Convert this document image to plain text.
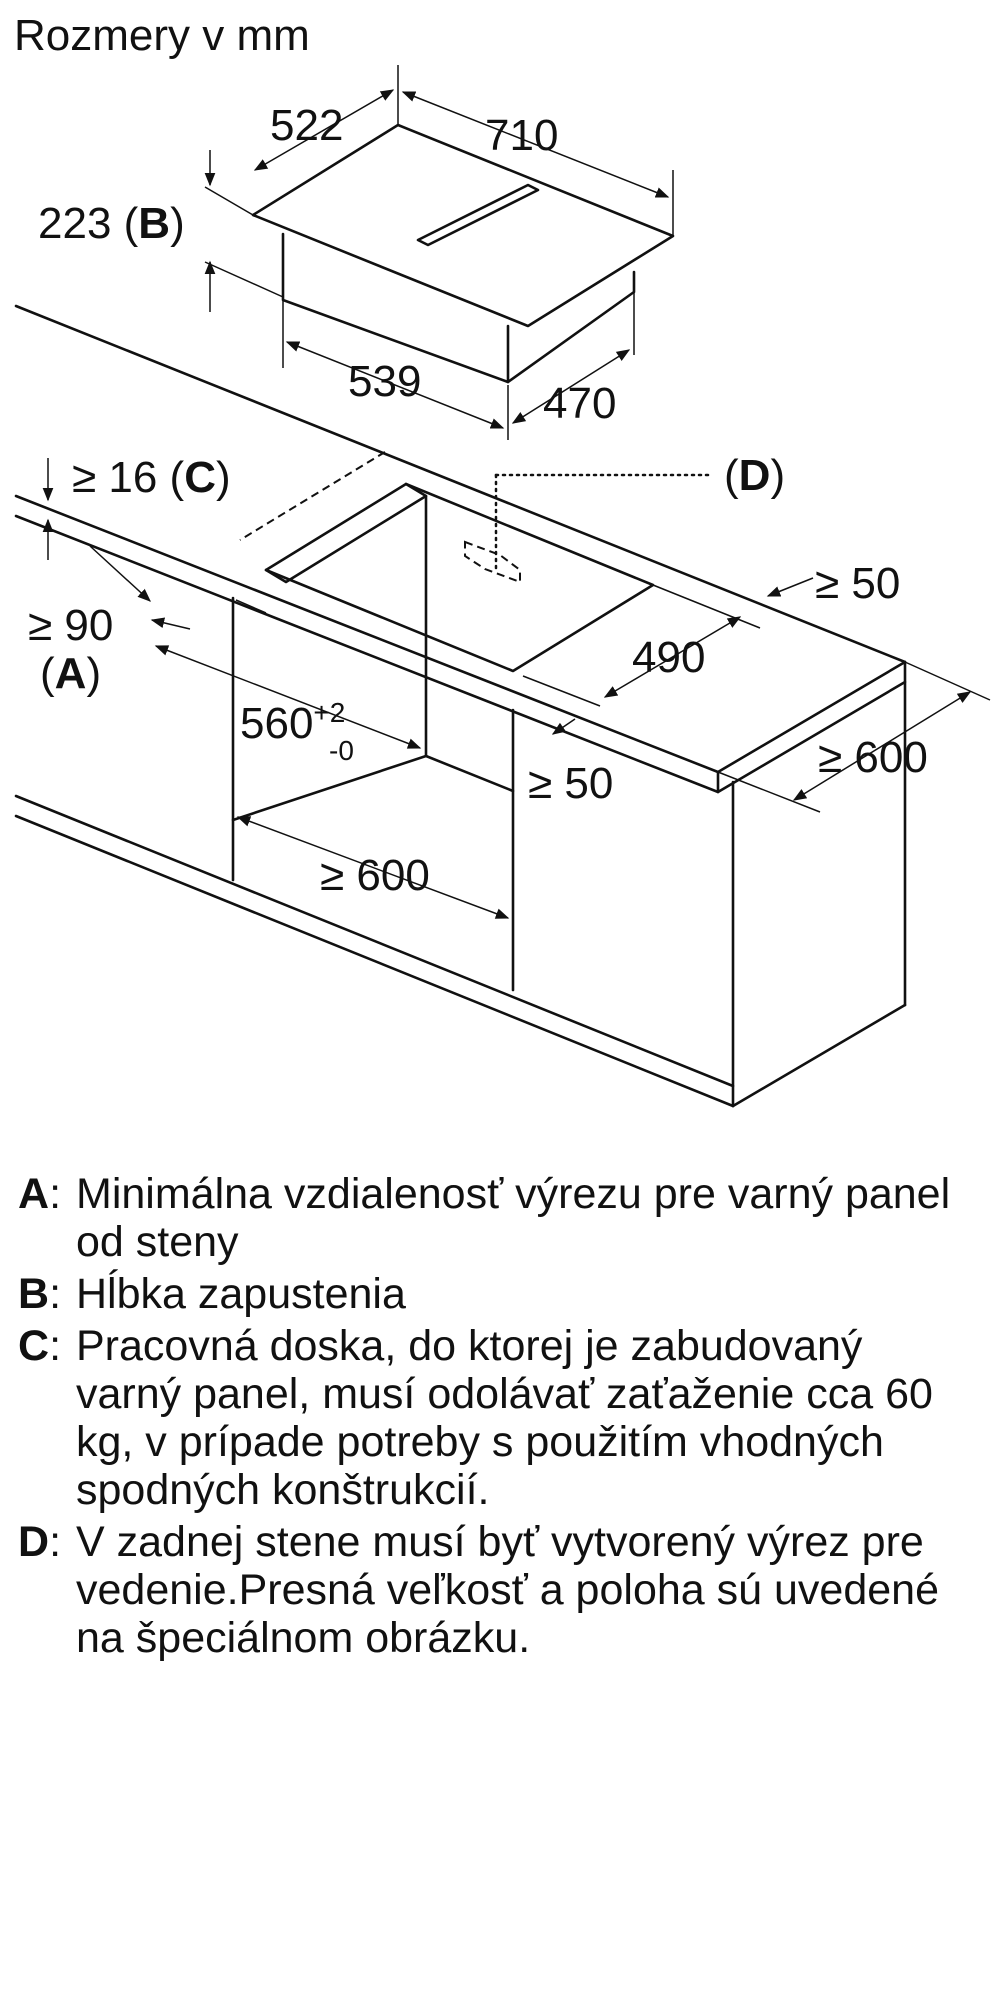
Rozmery v mm
522	710
223 (B)
539	470
≥ 16 (C)	(D)
≥ 50
≥ 90
(A)	490
$560^{+2}$ -0
≥ 50
≥ 600
≥ 600
A: Minimálna vzdialenosť výrezu pre varný panel od steny
B: Hĺbka zapustenia
C: Pracovná doska, do ktorej je zabudovaný varný panel, musí odolávať zaťaženie cca 60 kg, v prípade potreby s použitím vhodných spodných konštrukcií.
D: V zadnej stene musí byť vytvorený výrez pre vedenie.Presná veľkosť a poloha sú uvedené na špeciálnom obrázku.
